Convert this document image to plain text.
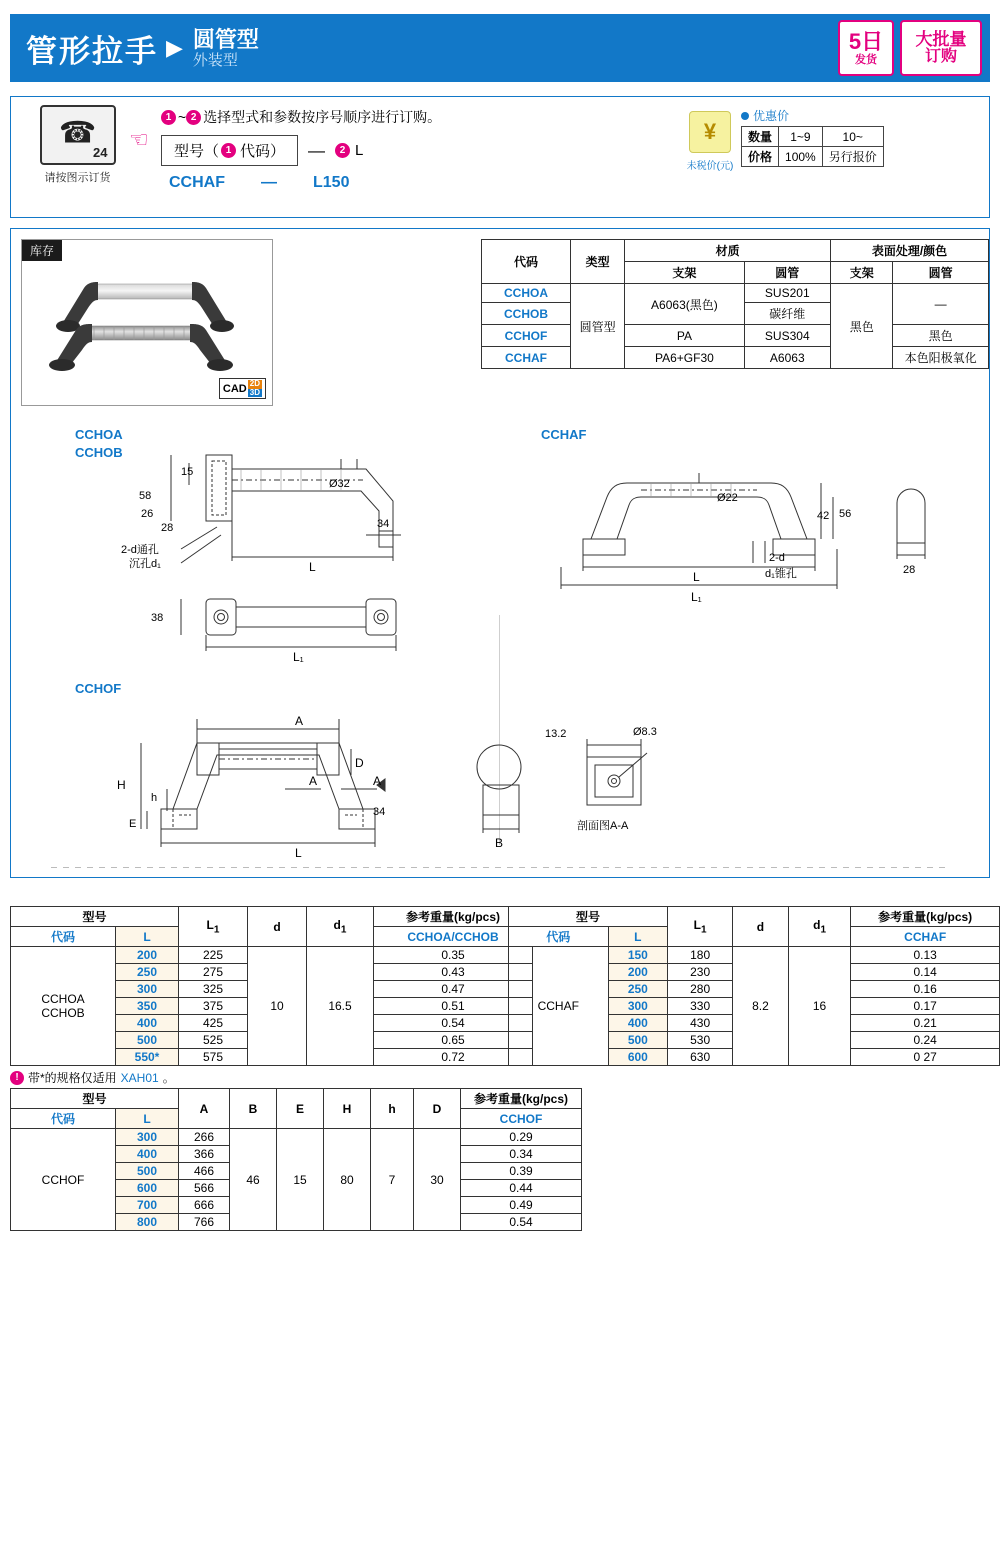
管形拉手 ▶ 圆管型
外装型
5日
发货
大批量
订购
☎
24
请按图示订货
☞
1 ~ 2 选择型式和参数按序号顺序进行订购。
型号（ 1 代码） —	2 L
CCHAF — L150
¥
未税价(元)
优惠价
数量	1~9	10~
价格	100%	另行报价
库存
CAD 2D
3D
代码	类型	材质		表面处理/颜色	
		支架	圆管	支架	圆管
CCHOA	圆管型	A6063(黑色)	SUS201	黑色	—
CCHOB			碳纤维		
CCHOF		PA	SUS304		黑色
CCHAF		PA6+GF30	A6063		本色阳极氧化
CCHOA
CCHOB
CCHAF
CCHOF
58
15
26
28
Ø32
34
L
2-d通孔
沉孔d₁
38
L₁
Ø22
42 56
2-d
d₁锥孔
L
L₁
28
A
H
h
E
D
34
L
A
A
B
13.2	Ø8.3
剖面图A-A
型号		$L_1$	d	$d_1$	参考重量(kg/pcs)
代码	L				CCHOA/CCHOB

CCHOA
CCHOB	200	225	10	16.5	0.35
	250	275			0.43
	300	325			0.47
	350	375			0.51
	400	425			0.54
	500	525			0.65
	550*	575			0.72
! 带*的规格仅适用 XAH01 。
型号		$L_1$	d	$d_1$	参考重量(kg/pcs)
代码	L				CCHAF
CCHAF	150	180	8.2	16	0.13
	200	230			0.14
	250	280			0.16
	300	330			0.17
	400	430			0.21
	500	530			0.24
	600	630			0 27
型号		A	B	E	H	h	D	参考重量(kg/pcs)
代码	L							CCHOF
CCHOF	300	266	46	15	80	7	30	0.29
	400	366						0.34
	500	466						0.39
	600	566						0.44
	700	666						0.49
	800	766						0.54
